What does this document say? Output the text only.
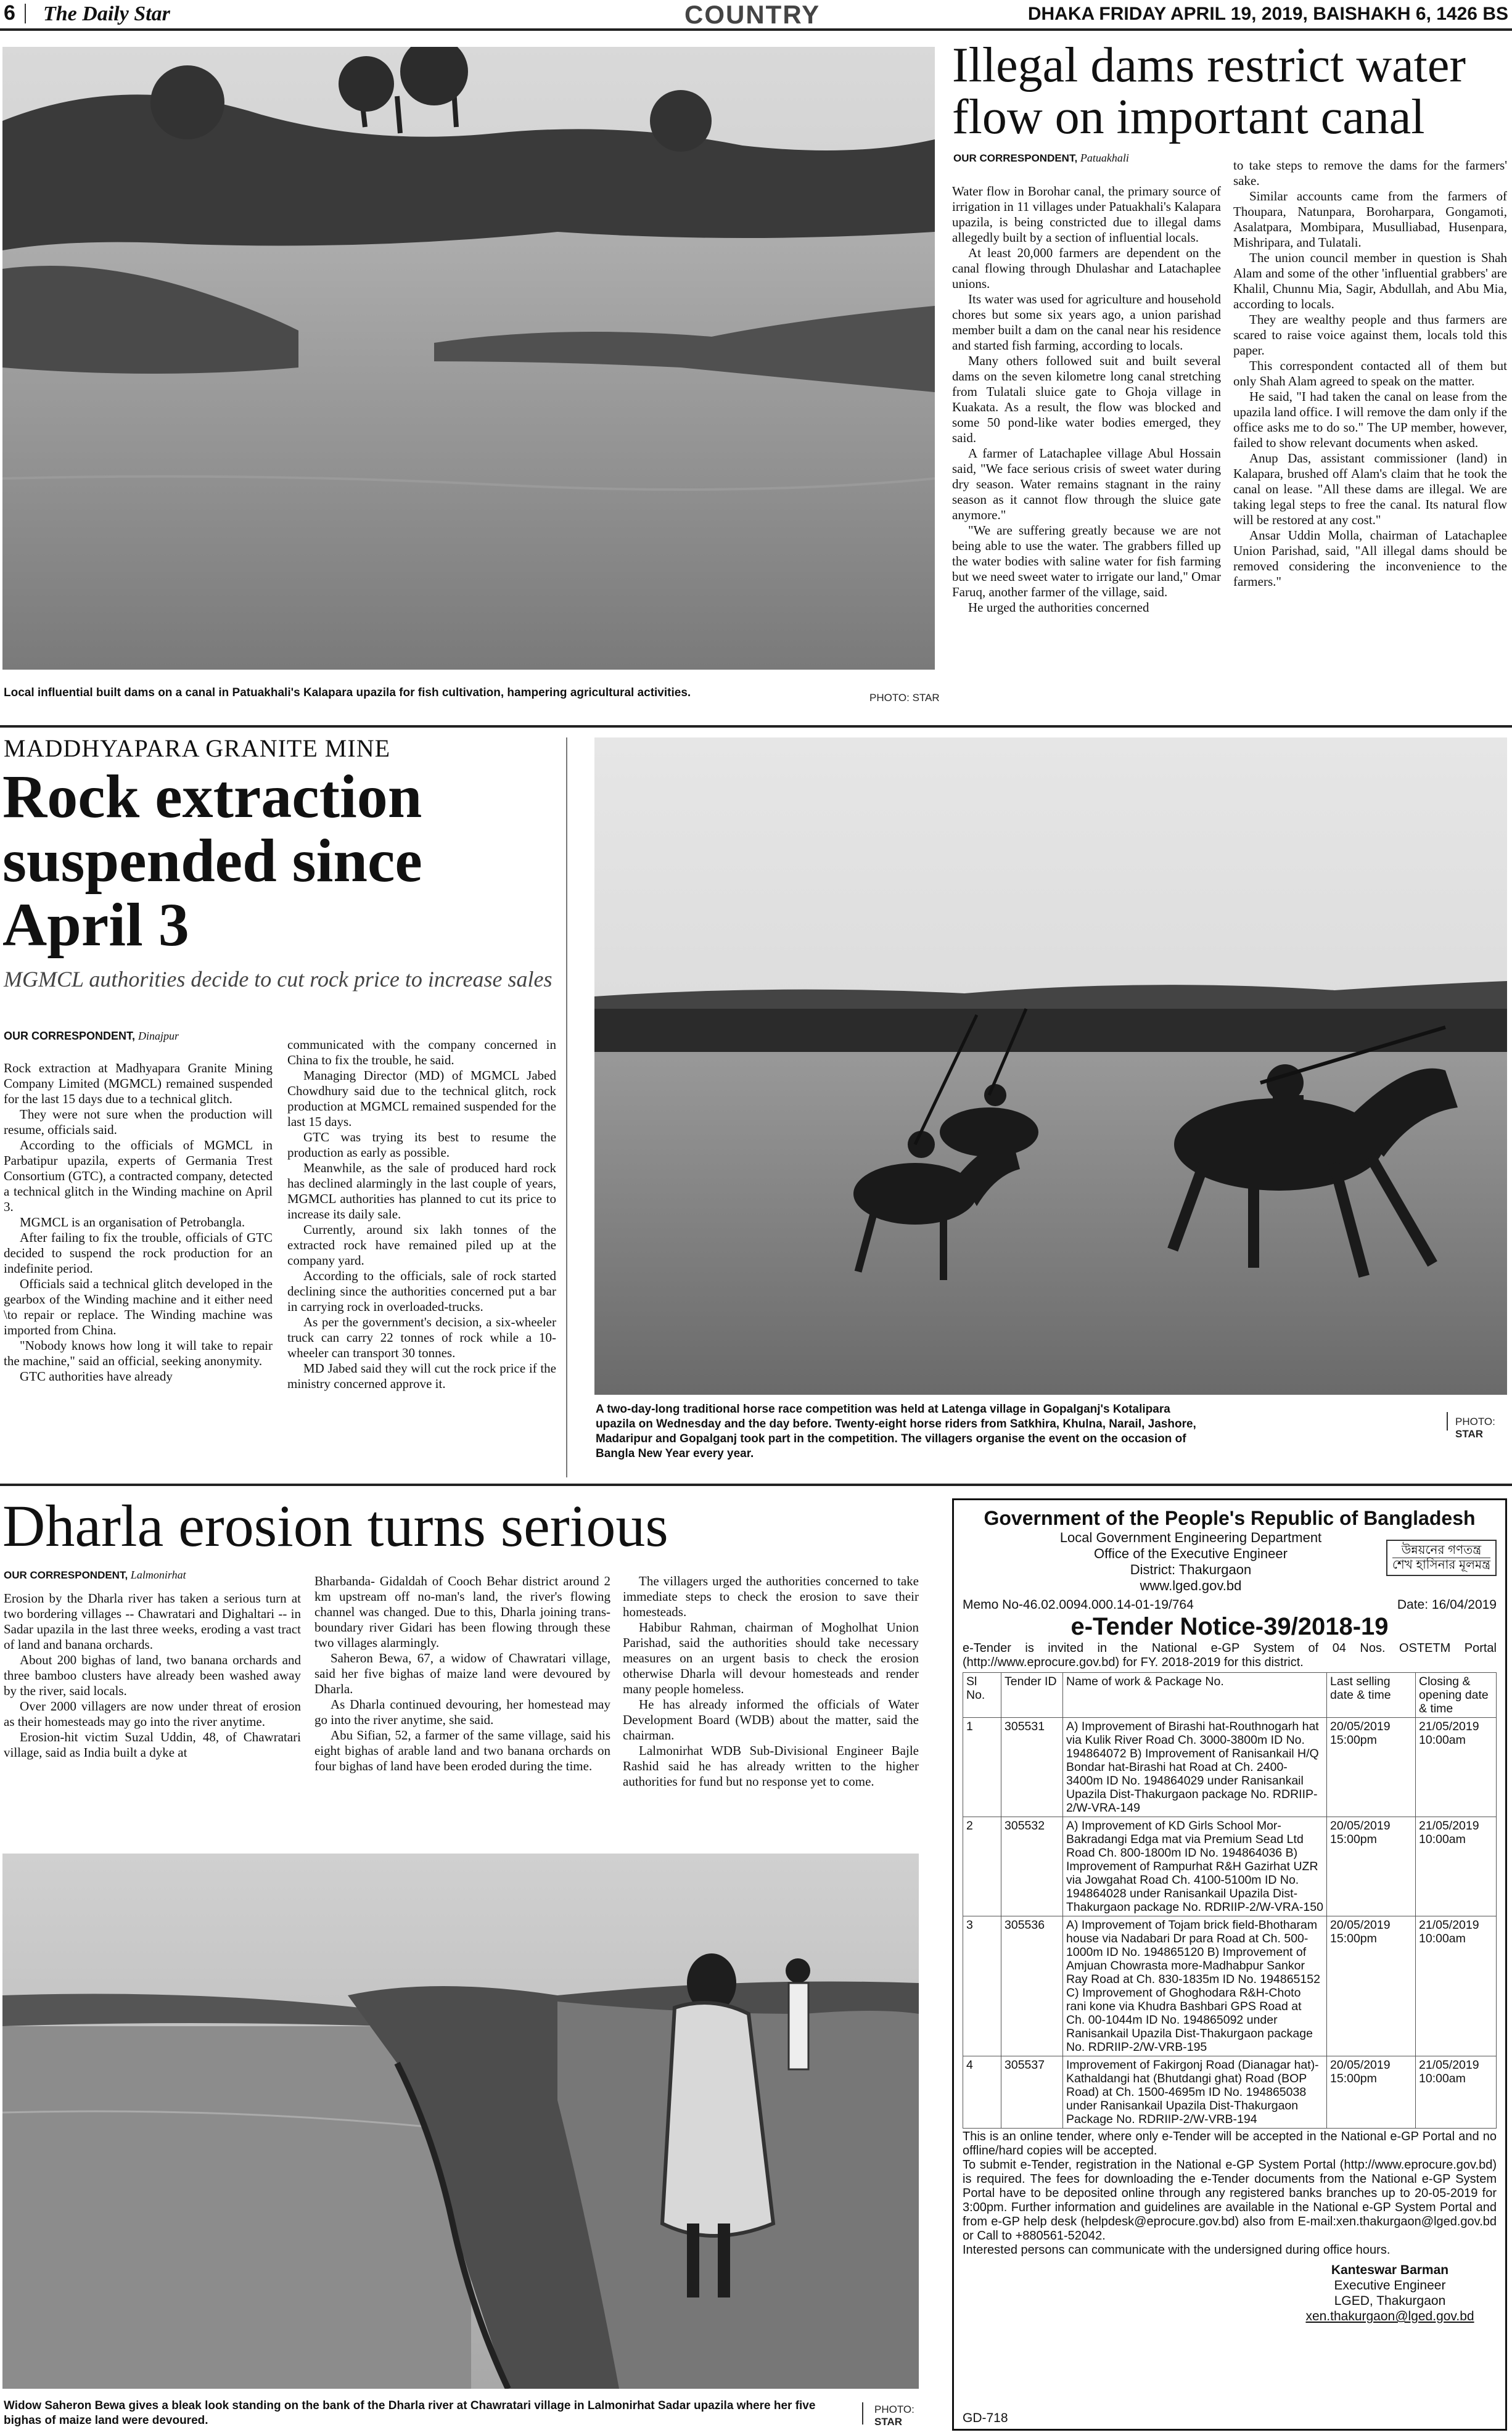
6 The Daily Star	COUNTRY	DHAKA FRIDAY APRIL 19, 2019, BAISHAKH 6, 1426 BS
Local influential built dams on a canal in Patuakhali's Kalapara upazila for fish cultivation, hampering agricultural activities.	PHOTO: STAR
Illegal dams restrict water flow on important canal
OUR CORRESPONDENT, Patuakhali

Water flow in Borohar canal, the primary source of irrigation in 11 villages under Patuakhali's Kalapara upazila, is being constricted due to illegal dams allegedly built by a section of influential locals.

At least 20,000 farmers are dependent on the canal flowing through Dhulashar and Latachaplee unions.

Its water was used for agriculture and household chores but some six years ago, a union parishad member built a dam on the canal near his residence and started fish farming, according to locals.

Many others followed suit and built several dams on the seven kilometre long canal stretching from Tulatali sluice gate to Ghoja village in Kuakata. As a result, the flow was blocked and some 50 pond-like water bodies emerged, they said.

A farmer of Latachaplee village Abul Hossain said, "We face serious crisis of sweet water during dry season. Water remains stagnant in the rainy season as it cannot flow through the sluice gate anymore."

"We are suffering greatly because we are not being able to use the water. The grabbers filled up the water bodies with saline water for fish farming but we need sweet water to irrigate our land," Omar Faruq, another farmer of the village, said.

He urged the authorities concerned

to take steps to remove the dams for the farmers' sake.

Similar accounts came from the farmers of Thoupara, Natunpara, Boroharpara, Gongamoti, Asalatpara, Mombipara, Musulliabad, Husenpara, Mishripara, and Tulatali.

The union council member in question is Shah Alam and some of the other 'influential grabbers' are Khalil, Chunnu Mia, Sagir, Abdullah, and Abu Mia, according to locals.

They are wealthy people and thus farmers are scared to raise voice against them, locals told this paper.

This correspondent contacted all of them but only Shah Alam agreed to speak on the matter.

He said, "I had taken the canal on lease from the upazila land office. I will remove the dam only if the office asks me to do so." The UP member, however, failed to show relevant documents when asked.

Anup Das, assistant commissioner (land) in Kalapara, brushed off Alam's claim that he took the canal on lease. "All these dams are illegal. We are taking legal steps to free the canal. Its natural flow will be restored at any cost."

Ansar Uddin Molla, chairman of Latachaplee Union Parishad, said, "All illegal dams should be removed considering the inconvenience to the farmers."

MADDHYAPARA GRANITE MINE
Rock extraction suspended since April 3
MGMCL authorities decide to cut rock price to increase sales
OUR CORRESPONDENT, Dinajpur

Rock extraction at Madhyapara Granite Mining Company Limited (MGMCL) remained suspended for the last 15 days due to a technical glitch.

They were not sure when the production will resume, officials said.

According to the officials of MGMCL in Parbatipur upazila, experts of Germania Trest Consortium (GTC), a contracted company, detected a technical glitch in the Winding machine on April 3.

MGMCL is an organisation of Petrobangla.

After failing to fix the trouble, officials of GTC decided to suspend the rock production for an indefinite period.

Officials said a technical glitch developed in the gearbox of the Winding machine and it either need \to repair or replace. The Winding machine was imported from China.

"Nobody knows how long it will take to repair the machine," said an official, seeking anonymity.

GTC authorities have already

communicated with the company concerned in China to fix the trouble, he said.

Managing Director (MD) of MGMCL Jabed Chowdhury said due to the technical glitch, rock production at MGMCL remained suspended for the last 15 days.

GTC was trying its best to resume the production as early as possible.

Meanwhile, as the sale of produced hard rock has declined alarmingly in the last couple of years, MGMCL authorities has planned to cut its price to increase its daily sale.

Currently, around six lakh tonnes of the extracted rock have remained piled up at the company yard.

According to the officials, sale of rock started declining since the authorities concerned put a bar in carrying rock in overloaded-trucks.

As per the government's decision, a six-wheeler truck can carry 22 tonnes of rock while a 10-wheeler can transport 30 tonnes.

MD Jabed said they will cut the rock price if the ministry concerned approve it.

A two-day-long traditional horse race competition was held at Latenga village in Gopalganj's Kotalipara upazila on Wednesday and the day before. Twenty-eight horse riders from Satkhira, Khulna, Narail, Jashore, Madaripur and Gopalganj took part in the competition. The villagers organise the event on the occasion of Bangla New Year every year.
PHOTO:
STAR
Dharla erosion turns serious
OUR CORRESPONDENT, Lalmonirhat

Erosion by the Dharla river has taken a serious turn at two bordering villages -- Chawratari and Dighaltari -- in Sadar upazila in the last three weeks, eroding a vast tract of land and banana orchards.

About 200 bighas of land, two banana orchards and three bamboo clusters have already been washed away by the river, said locals.

Over 2000 villagers are now under threat of erosion as their homesteads may go into the river anytime.

Erosion-hit victim Suzal Uddin, 48, of Chawratari village, said as India built a dyke at

Bharbanda- Gidaldah of Cooch Behar district around 2 km upstream off no-man's land, the river's flowing channel was changed. Due to this, Dharla joining trans-boundary river Gidari has been flowing through these two villages alarmingly.

Saheron Bewa, 67, a widow of Chawratari village, said her five bighas of maize land were devoured by Dharla.

As Dharla continued devouring, her homestead may go into the river anytime, she said.

Abu Sifian, 52, a farmer of the same village, said his eight bighas of arable land and two banana orchards on four bighas of land have been eroded during the time.

The villagers urged the authorities concerned to take immediate steps to check the erosion to save their homesteads.

Habibur Rahman, chairman of Mogholhat Union Parishad, said the authorities should take necessary measures on an urgent basis to check the erosion otherwise Dharla will devour homesteads and render many people homeless.

He has already informed the officials of Water Development Board (WDB) about the matter, said the chairman.

Lalmonirhat WDB Sub-Divisional Engineer Bajle Rashid said he has already written to the higher authorities for fund but no response yet to come.

Widow Saheron Bewa gives a bleak look standing on the bank of the Dharla river at Chawratari village in Lalmonirhat Sadar upazila where her five bighas of maize land were devoured.
PHOTO:
STAR
Government of the People's Republic of Bangladesh
Local Government Engineering Department
Office of the Executive Engineer
District: Thakurgaon
www.lged.gov.bd
উন্নয়নের গণতন্ত্র
শেখ হাসিনার মূলমন্ত্র
Memo No-46.02.0094.000.14-01-19/764	Date: 16/04/2019
e-Tender Notice-39/2018-19
e-Tender is invited in the National e-GP System of 04 Nos. OSTETM Portal (http://www.eprocure.gov.bd) for FY. 2018-2019 for this district.
Sl No.	Tender ID	Name of work & Package No.	Last selling date & time	Closing & opening date & time
1	305531	A) Improvement of Birashi hat-Routhnogarh hat via Kulik River Road Ch. 3000-3800m ID No. 194864072 B) Improvement of Ranisankail H/Q Bondar hat-Birashi hat Road at Ch. 2400-3400m ID No. 194864029 under Ranisankail Upazila Dist-Thakurgaon package No. RDRIIP-2/W-VRA-149	20/05/2019 15:00pm	21/05/2019 10:00am
2	305532	A) Improvement of KD Girls School Mor-Bakradangi Edga mat via Premium Sead Ltd Road Ch. 800-1800m ID No. 194864036 B) Improvement of Rampurhat R&H Gazirhat UZR via Jowgahat Road Ch. 4100-5100m ID No. 194864028 under Ranisankail Upazila Dist-Thakurgaon package No. RDRIIP-2/W-VRA-150	20/05/2019 15:00pm	21/05/2019 10:00am
3	305536	A) Improvement of Tojam brick field-Bhotharam house via Nadabari Dr para Road at Ch. 500-1000m ID No. 194865120 B) Improvement of Amjuan Chowrasta more-Madhabpur Sankor Ray Road at Ch. 830-1835m ID No. 194865152 C) Improvement of Ghoghodara R&H-Choto rani kone via Khudra Bashbari GPS Road at Ch. 00-1044m ID No. 194865092 under Ranisankail Upazila Dist-Thakurgaon package No. RDRIIP-2/W-VRB-195	20/05/2019 15:00pm	21/05/2019 10:00am
4	305537	Improvement of Fakirgonj Road (Dianagar hat)-Kathaldangi hat (Bhutdangi ghat) Road (BOP Road) at Ch. 1500-4695m ID No. 194865038 under Ranisankail Upazila Dist-Thakurgaon Package No. RDRIIP-2/W-VRB-194	20/05/2019 15:00pm	21/05/2019 10:00am
This is an online tender, where only e-Tender will be accepted in the National e-GP Portal and no offline/hard copies will be accepted.
To submit e-Tender, registration in the National e-GP System Portal (http://www.eprocure.gov.bd) is required. The fees for downloading the e-Tender documents from the National e-GP System Portal have to be deposited online through any registered banks branches up to 20-05-2019 for 3:00pm. Further information and guidelines are available in the National e-GP System Portal and from e-GP help desk (helpdesk@eprocure.gov.bd) also from E-mail:xen.thakurgaon@lged.gov.bd or Call to +880561-52042.
Interested persons can communicate with the undersigned during office hours.
Kanteswar Barman
Executive Engineer
LGED, Thakurgaon
xen.thakurgaon@lged.gov.bd
GD-718
